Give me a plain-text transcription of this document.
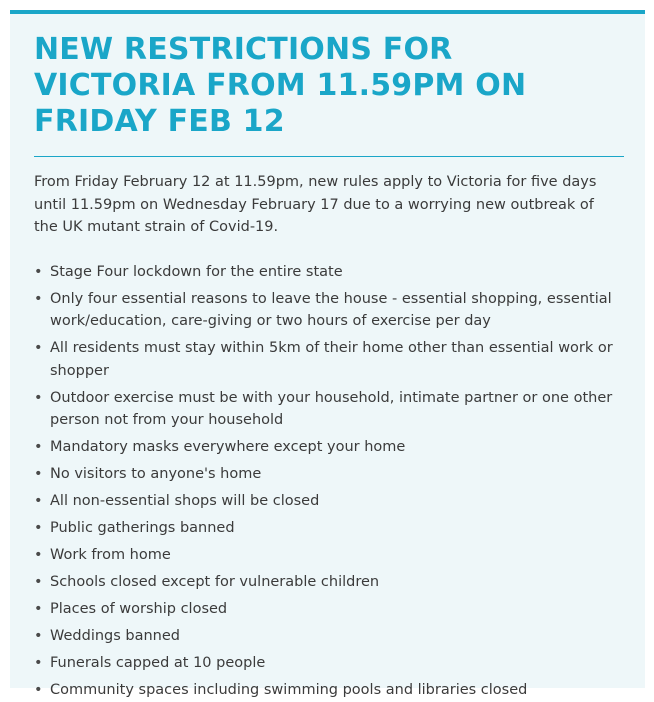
NEW RESTRICTIONS FOR VICTORIA FROM 11.59PM ON FRIDAY FEB 12

From Friday February 12 at 11.59pm, new rules apply to Victoria for five days until 11.59pm on Wednesday February 17 due to a worrying new outbreak of the UK mutant strain of Covid-19.

• Stage Four lockdown for the entire state
• Only four essential reasons to leave the house - essential shopping, essential work/education, care-giving or two hours of exercise per day
• All residents must stay within 5km of their home other than essential work or shopper
• Outdoor exercise must be with your household, intimate partner or one other person not from your household
• Mandatory masks everywhere except your home
• No visitors to anyone's home
• All non-essential shops will be closed
• Public gatherings banned
• Work from home
• Schools closed except for vulnerable children
• Places of worship closed
• Weddings banned
• Funerals capped at 10 people
• Community spaces including swimming pools and libraries closed
